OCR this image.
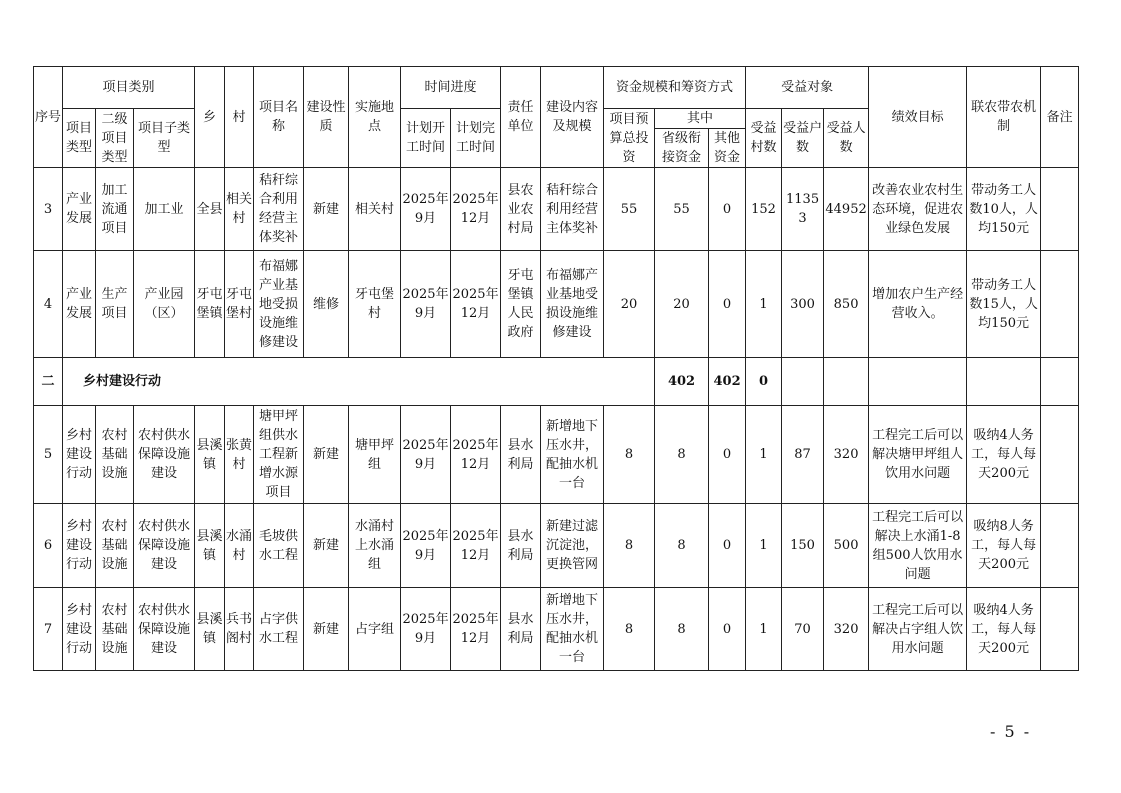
序号	项目类别			乡	村	项目名称	建设性质	实施地点	时间进度		责任单位	建设内容及规模	资金规模和筹资方式			受益对象			绩效目标	联农带农机制	备注	
	项目类型	二级项目类型	项目子类型						计划开工时间	计划完工时间			项目预算总投资	其中		受益村数	受益户数	受益人数				
														省级衔接资金	其他资金							
3	产业发展	加工流通项目	加工业	全县	相关村	秸秆综合利用经营主体奖补	新建	相关村	2025年9月	2025年12月	县农业农村局	秸秆综合利用经营主体奖补	55	55	0	152	11353	44952	改善农业农村生态环境，促进农业绿色发展	带动务工人数10人，人均150元		
4	产业发展	生产项目	产业园（区）	牙屯堡镇	牙屯堡村	布福娜产业基地受损设施维修建设	维修	牙屯堡村	2025年9月	2025年12月	牙屯堡镇人民政府	布福娜产业基地受损设施维修建设	20	20	0	1	300	850	增加农户生产经营收入。	带动务工人数15人，人均150元		
二	乡村建设行动													402	402	0							
5	乡村建设行动	农村基础设施	农村供水保障设施建设	县溪镇	张黄村	塘甲坪组供水工程新增水源项目	新建	塘甲坪组	2025年9月	2025年12月	县水利局	新增地下压水井，配抽水机一台	8	8	0	1	87	320	工程完工后可以解决塘甲坪组人饮用水问题	吸纳4人务工，每人每天200元		
6	乡村建设行动	农村基础设施	农村供水保障设施建设	县溪镇	水涌村	毛坡供水工程	新建	水涌村上水涌组	2025年9月	2025年12月	县水利局	新建过滤沉淀池，更换管网	8	8	0	1	150	500	工程完工后可以解决上水涌1-8组500人饮用水问题	吸纳8人务工，每人每天200元		
7	乡村建设行动	农村基础设施	农村供水保障设施建设	县溪镇	兵书阁村	占字供水工程	新建	占字组	2025年9月	2025年12月	县水利局	新增地下压水井，配抽水机一台	8	8	0	1	70	320	工程完工后可以解决占字组人饮用水问题	吸纳4人务工，每人每天200元		
- 5 -
